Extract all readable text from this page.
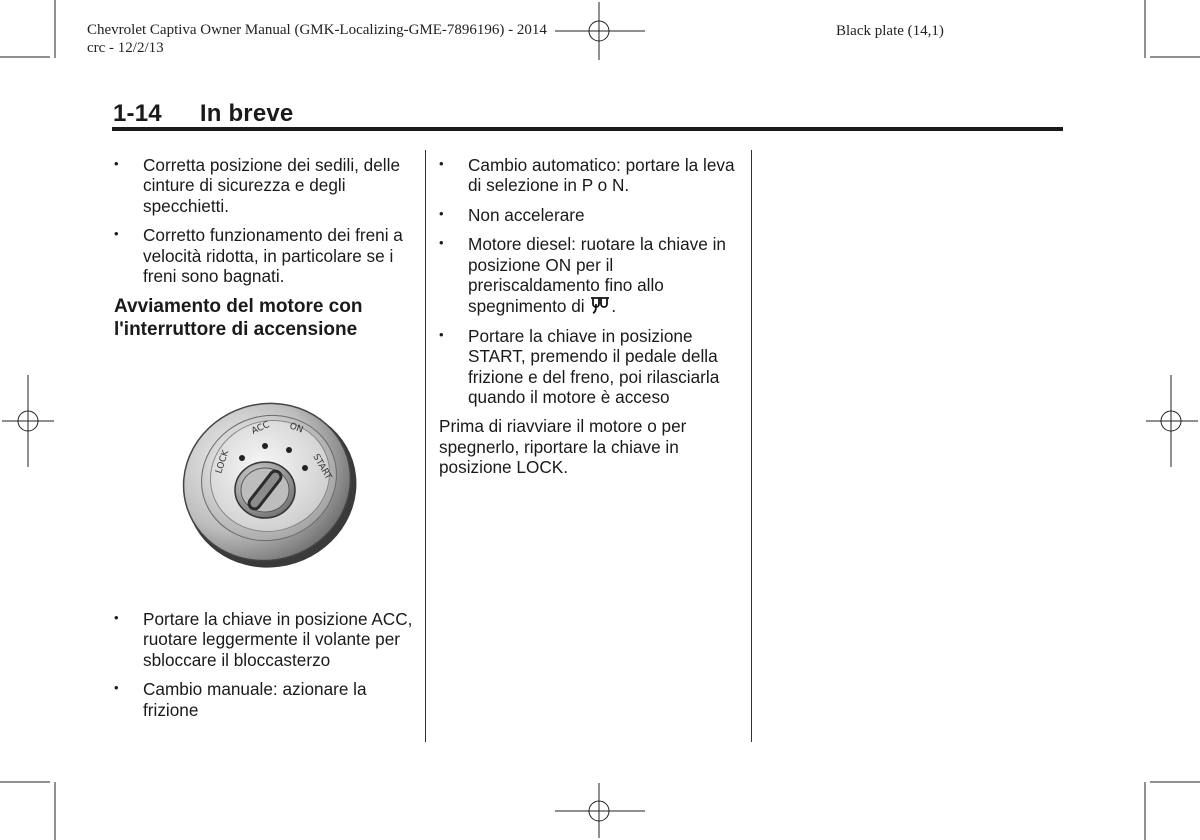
Chevrolet Captiva Owner Manual (GMK-Localizing-GME-7896196) - 2014
crc - 12/2/13
Black plate (14,1)
1-14 In breve
• Corretta posizione dei sedili, delle cinture di sicurezza e degli specchietti.
• Corretto funzionamento dei freni a velocità ridotta, in particolare se i freni sono bagnati.
Avviamento del motore con l'interruttore di accensione
LOCK
ACC ON
START
• Portare la chiave in posizione ACC, ruotare leggermente il volante per sbloccare il bloccasterzo
• Cambio manuale: azionare la frizione
• Cambio automatico: portare la leva di selezione in P o N.
• Non accelerare
• Motore diesel: ruotare la chiave in posizione ON per il preriscaldamento fino allo spegnimento di .
• Portare la chiave in posizione START, premendo il pedale della frizione e del freno, poi rilasciarla quando il motore è acceso

Prima di riavviare il motore o per spegnerlo, riportare la chiave in posizione LOCK.
